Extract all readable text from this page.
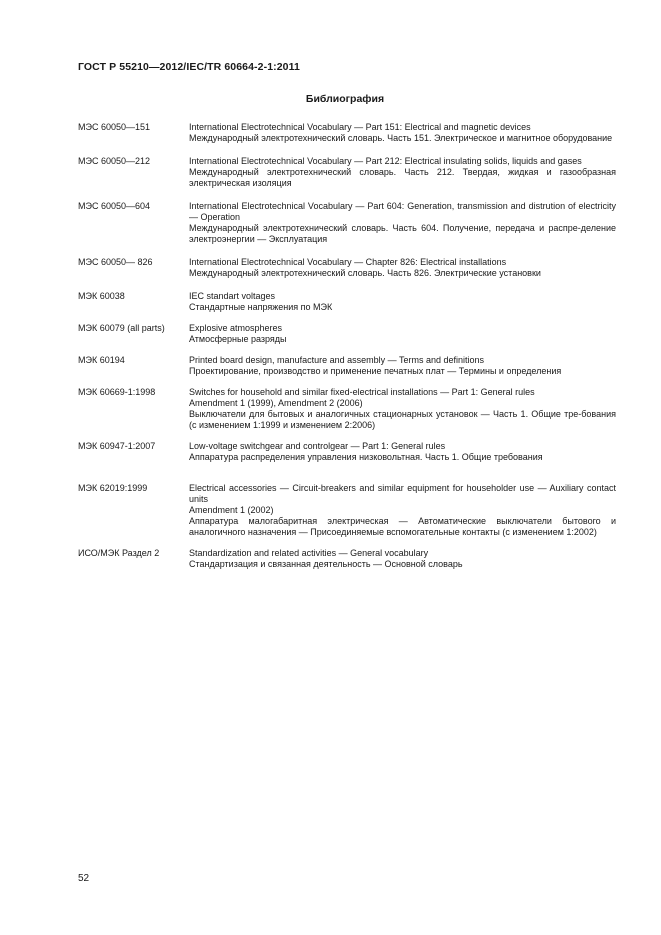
ГОСТ Р 55210—2012/IEC/TR 60664-2-1:2011
Библиография
МЭС 60050—151	International Electrotechnical Vocabulary — Part 151: Electrical and magnetic devices
Международный электротехнический словарь. Часть 151. Электрическое и магнитное оборудование
МЭС 60050—212	International Electrotechnical Vocabulary — Part 212: Electrical insulating solids, liquids and gases
Международный электротехнический словарь. Часть 212. Твердая, жидкая и газообразная электрическая изоляция
МЭС 60050—604	International Electrotechnical Vocabulary — Part 604: Generation, transmission and distrution of electricity — Operation
Международный электротехнический словарь. Часть 604. Получение, передача и распре-деление электроэнергии — Эксплуатация
МЭС 60050— 826	International Electrotechnical Vocabulary — Chapter 826: Electrical installations
Международный электротехнический словарь. Часть 826. Электрические установки
МЭК 60038	IEC standart voltages
Стандартные напряжения по МЭК
МЭК 60079 (all parts)	Explosive atmospheres
Атмосферные разряды
МЭК 60194	Printed board design, manufacture and assembly — Terms and definitions
Проектирование, производство и применение печатных плат — Термины и определения
МЭК 60669-1:1998	Switches for household and similar fixed-electrical installations — Part 1: General rules
Amendment 1 (1999), Amendment 2 (2006)
Выключатели для бытовых и аналогичных стационарных установок — Часть 1. Общие тре-бования (с изменением 1:1999 и изменением 2:2006)
МЭК 60947-1:2007	Low-voltage switchgear and controlgear — Part 1: General rules
Аппаратура распределения управления низковольтная. Часть 1. Общие требования
МЭК 62019:1999	Electrical accessories — Circuit-breakers and similar equipment for householder use — Auxiliary contact units
Amendment 1 (2002)
Аппаратура малогабаритная электрическая — Автоматические выключатели бытового и аналогичного назначения — Присоединяемые вспомогательные контакты (с изменением 1:2002)
ИСО/МЭК Раздел 2	Standardization and related activities — General vocabulary
Стандартизация и связанная деятельность — Основной словарь
52
